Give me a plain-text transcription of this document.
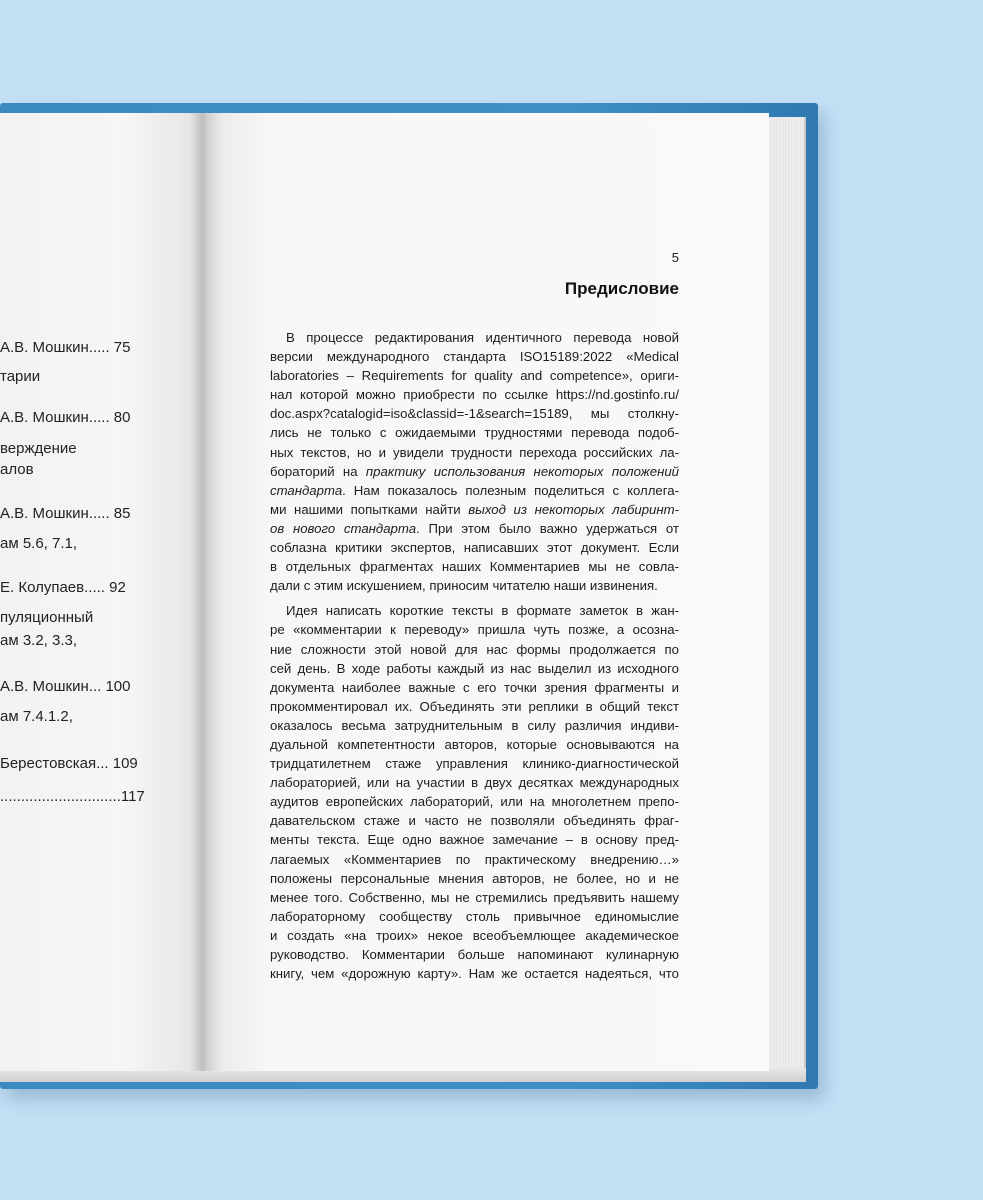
А.В. Мошкин..... 75
тарии
А.В. Мошкин..... 80
верждение
алов
А.В. Мошкин..... 85
ам 5.6, 7.1,
Е. Колупаев..... 92
пуляционный
ам 3.2, 3.3,
А.В. Мошкин... 100
ам 7.4.1.2,
Берестовская... 109
.............................117
5
Предисловие
В процессе редактирования идентичного перевода новой
версии международного стандарта ISO15189:2022 «Medical
laboratories – Requirements for quality and competence», ориги-
нал которой можно приобрести по ссылке https://nd.gostinfo.ru/
doc.aspx?catalogid=iso&classid=-1&search=15189, мы столкну-
лись не только с ожидаемыми трудностями перевода подоб-
ных текстов, но и увидели трудности перехода российских ла-
бораторий на практику использования некоторых положений
стандарта. Нам показалось полезным поделиться с коллега-
ми нашими попытками найти выход из некоторых лабиринт-
ов нового стандарта. При этом было важно удержаться от
соблазна критики экспертов, написавших этот документ. Если
в отдельных фрагментах наших Комментариев мы не совла-
дали с этим искушением, приносим читателю наши извинения.
Идея написать короткие тексты в формате заметок в жан-
ре «комментарии к переводу» пришла чуть позже, а осозна-
ние сложности этой новой для нас формы продолжается по
сей день. В ходе работы каждый из нас выделил из исходного
документа наиболее важные с его точки зрения фрагменты и
прокомментировал их. Объединять эти реплики в общий текст
оказалось весьма затруднительным в силу различия индиви-
дуальной компетентности авторов, которые основываются на
тридцатилетнем стаже управления клинико-диагностической
лабораторией, или на участии в двух десятках международных
аудитов европейских лабораторий, или на многолетнем препо-
давательском стаже и часто не позволяли объединять фраг-
менты текста. Еще одно важное замечание – в основу пред-
лагаемых «Комментариев по практическому внедрению…»
положены персональные мнения авторов, не более, но и не
менее того. Собственно, мы не стремились предъявить нашему
лабораторному сообществу столь привычное единомыслие
и создать «на троих» некое всеобъемлющее академическое
руководство. Комментарии больше напоминают кулинарную
книгу, чем «дорожную карту». Нам же остается надеяться, что
